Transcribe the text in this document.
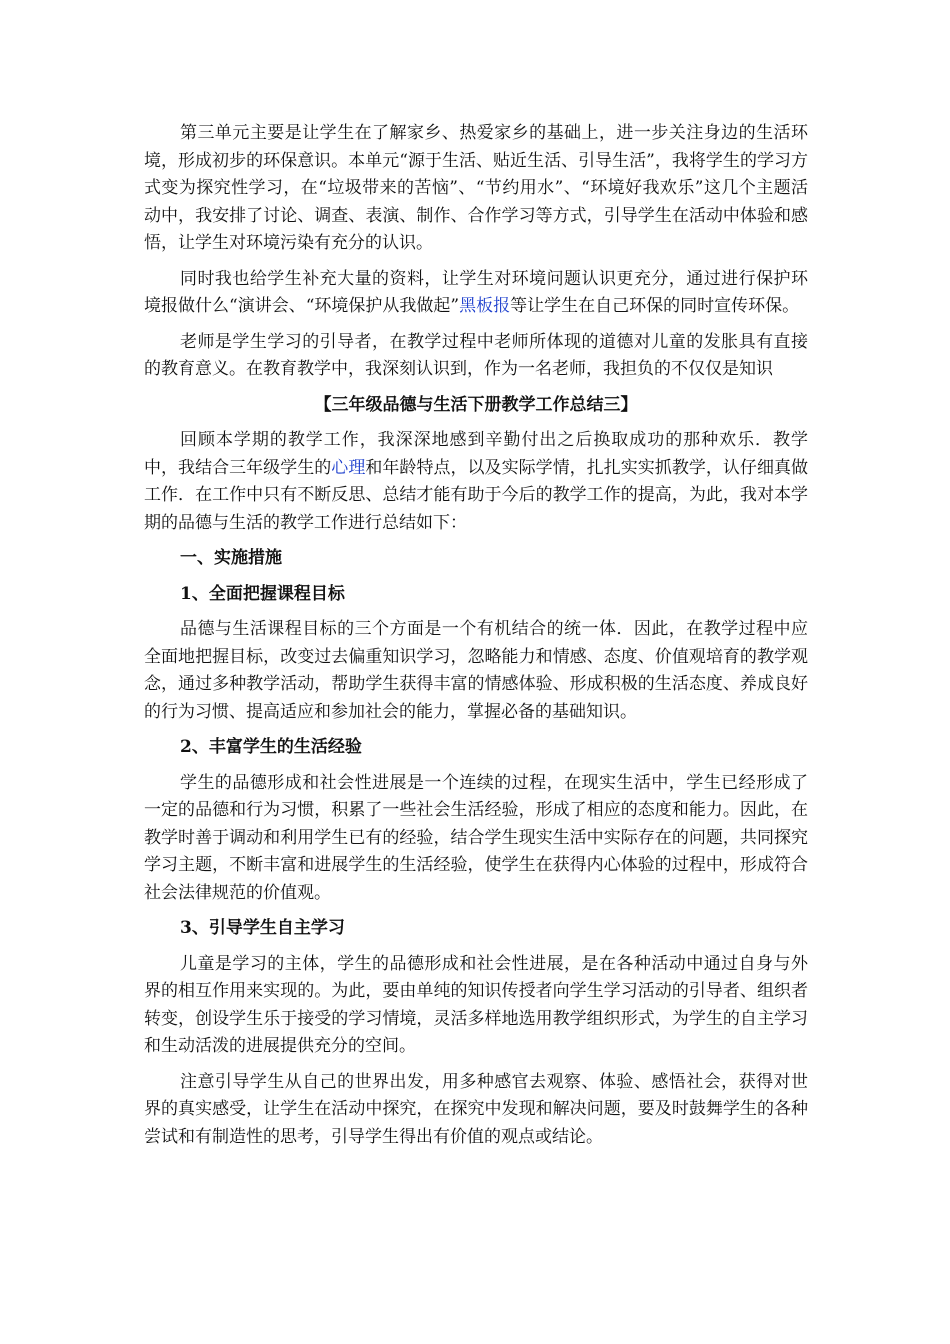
第三单元主要是让学生在了解家乡、热爱家乡的基础上，进一步关注身边的生活环境，形成初步的环保意识。本单元“源于生活、贴近生活、引导生活”，我将学生的学习方式变为探究性学习，在“垃圾带来的苦恼”、“节约用水”、“环境好我欢乐”这几个主题活动中，我安排了讨论、调查、表演、制作、合作学习等方式，引导学生在活动中体验和感悟，让学生对环境污染有充分的认识。

同时我也给学生补充大量的资料，让学生对环境问题认识更充分，通过进行保护环境报做什么“演讲会、“环境保护从我做起”黑板报等让学生在自己环保的同时宣传环保。

老师是学生学习的引导者，在教学过程中老师所体现的道德对儿童的发胀具有直接的教育意义。在教育教学中，我深刻认识到，作为一名老师，我担负的不仅仅是知识

【三年级品德与生活下册教学工作总结三】

回顾本学期的教学工作，我深深地感到辛勤付出之后换取成功的那种欢乐．教学中，我结合三年级学生的心理和年龄特点，以及实际学情，扎扎实实抓教学，认仔细真做工作．在工作中只有不断反思、总结才能有助于今后的教学工作的提高，为此，我对本学期的品德与生活的教学工作进行总结如下：

一、实施措施

1、全面把握课程目标

品德与生活课程目标的三个方面是一个有机结合的统一体．因此，在教学过程中应全面地把握目标，改变过去偏重知识学习，忽略能力和情感、态度、价值观培育的教学观念，通过多种教学活动，帮助学生获得丰富的情感体验、形成积极的生活态度、养成良好的行为习惯、提高适应和参加社会的能力，掌握必备的基础知识。

2、丰富学生的生活经验

学生的品德形成和社会性进展是一个连续的过程，在现实生活中，学生已经形成了一定的品德和行为习惯，积累了一些社会生活经验，形成了相应的态度和能力。因此，在教学时善于调动和利用学生已有的经验，结合学生现实生活中实际存在的问题，共同探究学习主题，不断丰富和进展学生的生活经验，使学生在获得内心体验的过程中，形成符合社会法律规范的价值观。

3、引导学生自主学习

儿童是学习的主体，学生的品德形成和社会性进展，是在各种活动中通过自身与外界的相互作用来实现的。为此，要由单纯的知识传授者向学生学习活动的引导者、组织者转变，创设学生乐于接受的学习情境，灵活多样地选用教学组织形式，为学生的自主学习和生动活泼的进展提供充分的空间。

注意引导学生从自己的世界出发，用多种感官去观察、体验、感悟社会，获得对世界的真实感受，让学生在活动中探究，在探究中发现和解决问题，要及时鼓舞学生的各种尝试和有制造性的思考，引导学生得出有价值的观点或结论。
